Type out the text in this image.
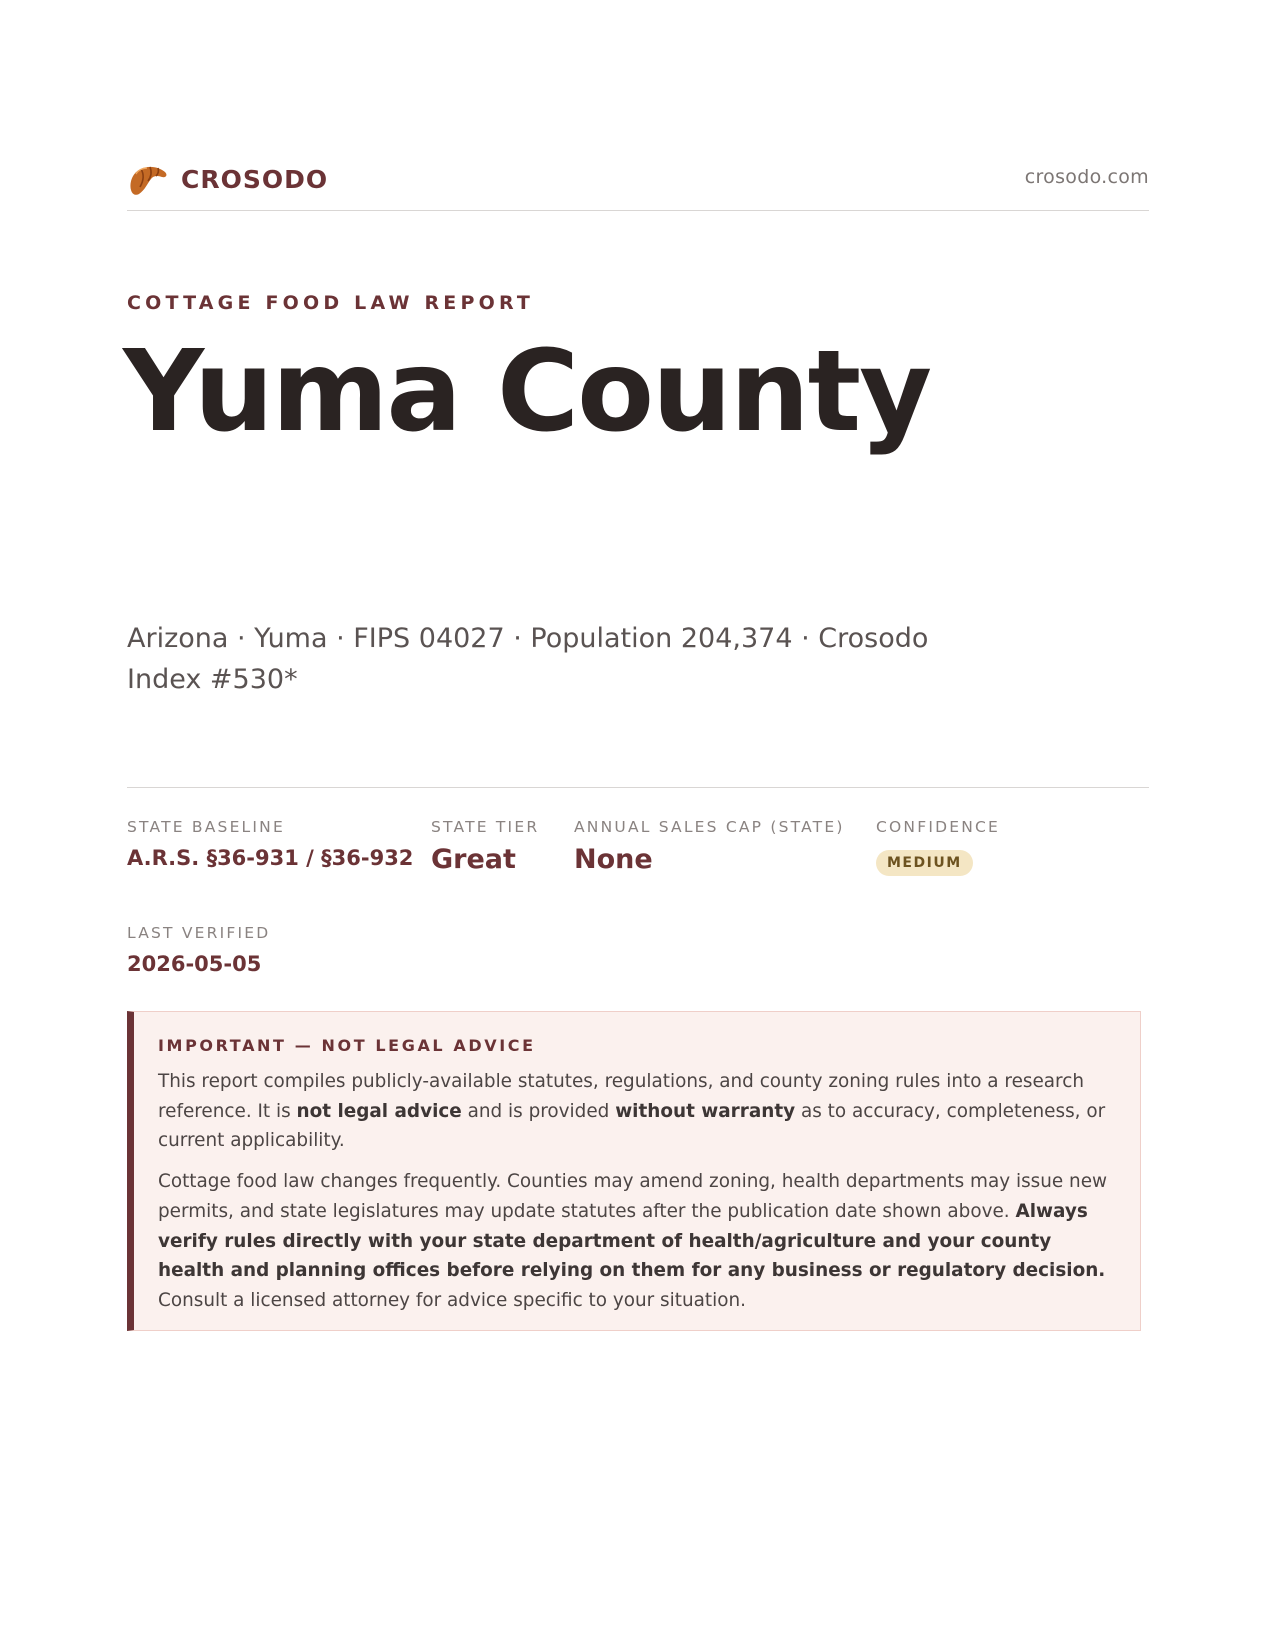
CROSODO	crosodo.com
COTTAGE FOOD LAW REPORT
Yuma County

Arizona · Yuma · FIPS 04027 · Population 204,374 · Crosodo Index #530*

STATE BASELINE
A.R.S. §36-931 / §36-932
STATE TIER
Great
ANNUAL SALES CAP (STATE)
None
CONFIDENCE
MEDIUM
LAST VERIFIED
2026-05-05
IMPORTANT — NOT LEGAL ADVICE

This report compiles publicly-available statutes, regulations, and county zoning rules into a research reference. It is not legal advice and is provided without warranty as to accuracy, completeness, or current applicability.

Cottage food law changes frequently. Counties may amend zoning, health departments may issue new permits, and state legislatures may update statutes after the publication date shown above. Always verify rules directly with your state department of health/agriculture and your county health and planning offices before relying on them for any business or regulatory decision. Consult a licensed attorney for advice specific to your situation.
